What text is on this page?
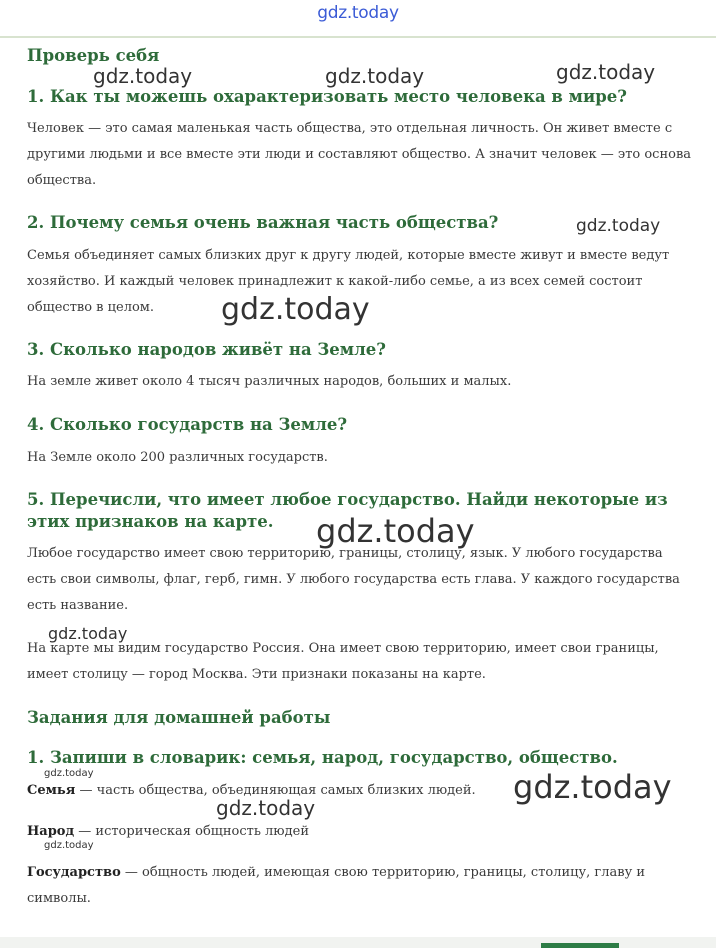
gdz.today
Проверь себя
1. Как ты можешь охарактеризовать место человека в мире?

Человек — это самая маленькая часть общества, это отдельная личность. Он живет вместе с другими людьми и все вместе эти люди и составляют общество. А значит человек — это основа общества.

2. Почему семья очень важная часть общества?

Семья объединяет самых близких друг к другу людей, которые вместе живут и вместе ведут хозяйство. И каждый человек принадлежит к какой-либо семье, а из всех семей состоит общество в целом.

3. Сколько народов живёт на Земле?

На земле живет около 4 тысяч различных народов, больших и малых.

4. Сколько государств на Земле?

На Земле около 200 различных государств.

5. Перечисли, что имеет любое государство. Найди некоторые из этих признаков на карте.

Любое государство имеет свою территорию, границы, столицу, язык. У любого государства есть свои символы, флаг, герб, гимн. У любого государства есть глава. У каждого государства есть название.

На карте мы видим государство Россия. Она имеет свою территорию, имеет свои границы, имеет столицу — город Москва. Эти признаки показаны на карте.

Задания для домашней работы
1. Запиши в словарик: семья, народ, государство, общество.

Семья — часть общества, объединяющая самых близких людей.

Народ — историческая общность людей

Государство — общность людей, имеющая свою территорию, границы, столицу, главу и символы.

gdz.today	gdz.today	gdz.today
gdz.today
gdz.today
gdz.today
gdz.today
gdz.today
gdz.today
gdz.today
gdz.today
